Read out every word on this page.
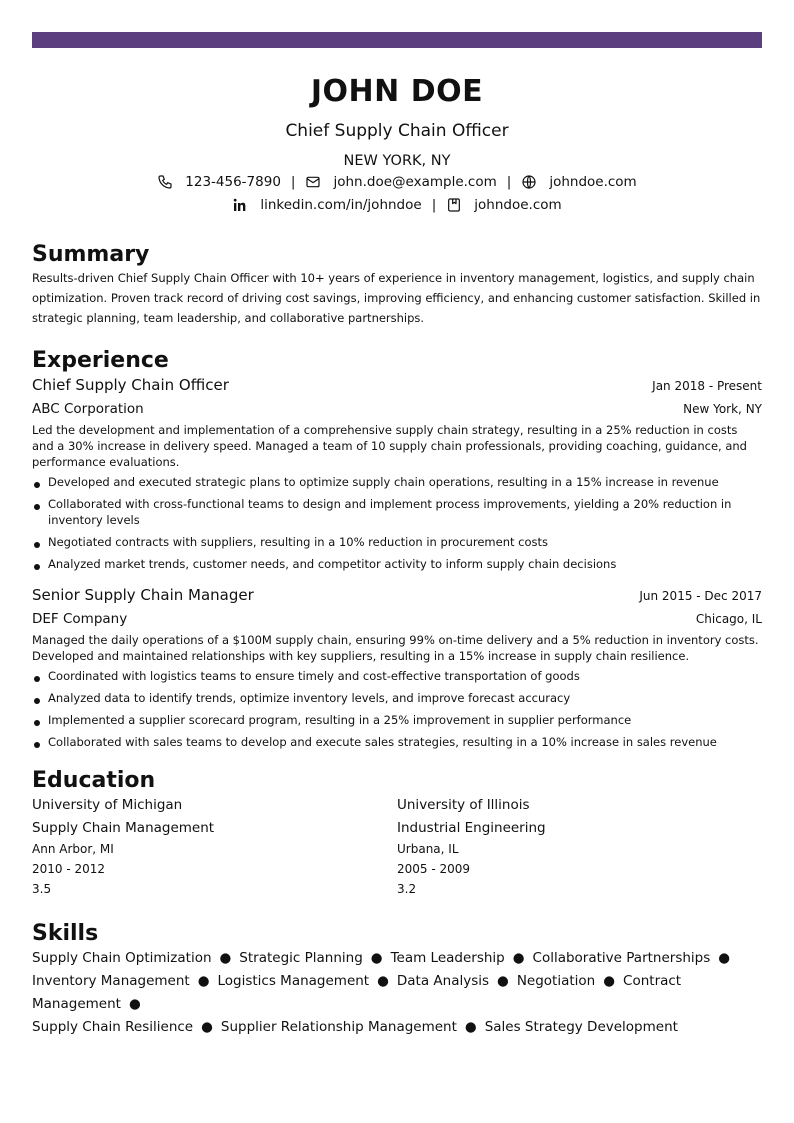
JOHN DOE
Chief Supply Chain Officer
NEW YORK, NY
123-456-7890 |	john.doe@example.com |	johndoe.com
linkedin.com/in/johndoe |	johndoe.com
Summary

Results-driven Chief Supply Chain Officer with 10+ years of experience in inventory management, logistics, and supply chain optimization. Proven track record of driving cost savings, improving efficiency, and enhancing customer satisfaction. Skilled in strategic planning, team leadership, and collaborative partnerships.

Experience
Chief Supply Chain Officer	Jan 2018 - Present
ABC Corporation	New York, NY

Led the development and implementation of a comprehensive supply chain strategy, resulting in a 25% reduction in costs and a 30% increase in delivery speed. Managed a team of 10 supply chain professionals, providing coaching, guidance, and performance evaluations.

Developed and executed strategic plans to optimize supply chain operations, resulting in a 15% increase in revenue
Collaborated with cross-functional teams to design and implement process improvements, yielding a 20% reduction in inventory levels
Negotiated contracts with suppliers, resulting in a 10% reduction in procurement costs
Analyzed market trends, customer needs, and competitor activity to inform supply chain decisions
Senior Supply Chain Manager	Jun 2015 - Dec 2017
DEF Company	Chicago, IL

Managed the daily operations of a $100M supply chain, ensuring 99% on-time delivery and a 5% reduction in inventory costs. Developed and maintained relationships with key suppliers, resulting in a 15% increase in supply chain resilience.

Coordinated with logistics teams to ensure timely and cost-effective transportation of goods
Analyzed data to identify trends, optimize inventory levels, and improve forecast accuracy
Implemented a supplier scorecard program, resulting in a 25% improvement in supplier performance
Collaborated with sales teams to develop and execute sales strategies, resulting in a 10% increase in sales revenue
Education
University of Michigan
Supply Chain Management
Ann Arbor, MI
2010 - 2012
3.5
University of Illinois
Industrial Engineering
Urbana, IL
2005 - 2009
3.2
Skills
Supply Chain Optimization ● Strategic Planning ● Team Leadership ● Collaborative Partnerships ●
Inventory Management ● Logistics Management ● Data Analysis ● Negotiation ● Contract Management ●
Supply Chain Resilience ● Supplier Relationship Management ● Sales Strategy Development
